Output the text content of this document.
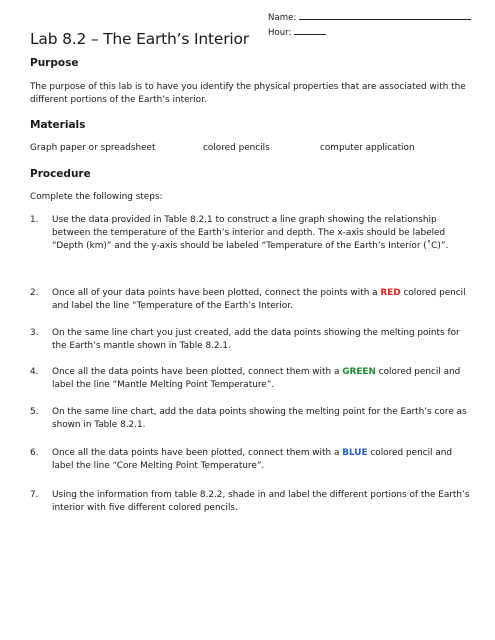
Name:
Hour:
Lab 8.2 – The Earth’s Interior
Purpose

The purpose of this lab is to have you identify the physical properties that are associated with the different portions of the Earth’s interior.

Materials
Graph paper or spreadsheet	colored pencils	computer application
Procedure

Complete the following steps:

1.	Use the data provided in Table 8.2.1 to construct a line graph showing the relationship between the temperature of the Earth’s interior and depth. The x-axis should be labeled “Depth (km)” and the y-axis should be labeled “Temperature of the Earth’s Interior (˚C)”.
2.	Once all of your data points have been plotted, connect the points with a RED colored pencil and label the line “Temperature of the Earth’s Interior.
3.	On the same line chart you just created, add the data points showing the melting points for the Earth’s mantle shown in Table 8.2.1.
4.	Once all the data points have been plotted, connect them with a GREEN colored pencil and label the line “Mantle Melting Point Temperature”.
5.	On the same line chart, add the data points showing the melting point for the Earth’s core as shown in Table 8.2.1.
6.	Once all the data points have been plotted, connect them with a BLUE colored pencil and label the line “Core Melting Point Temperature”.
7.	Using the information from table 8.2.2, shade in and label the different portions of the Earth’s interior with five different colored pencils.
